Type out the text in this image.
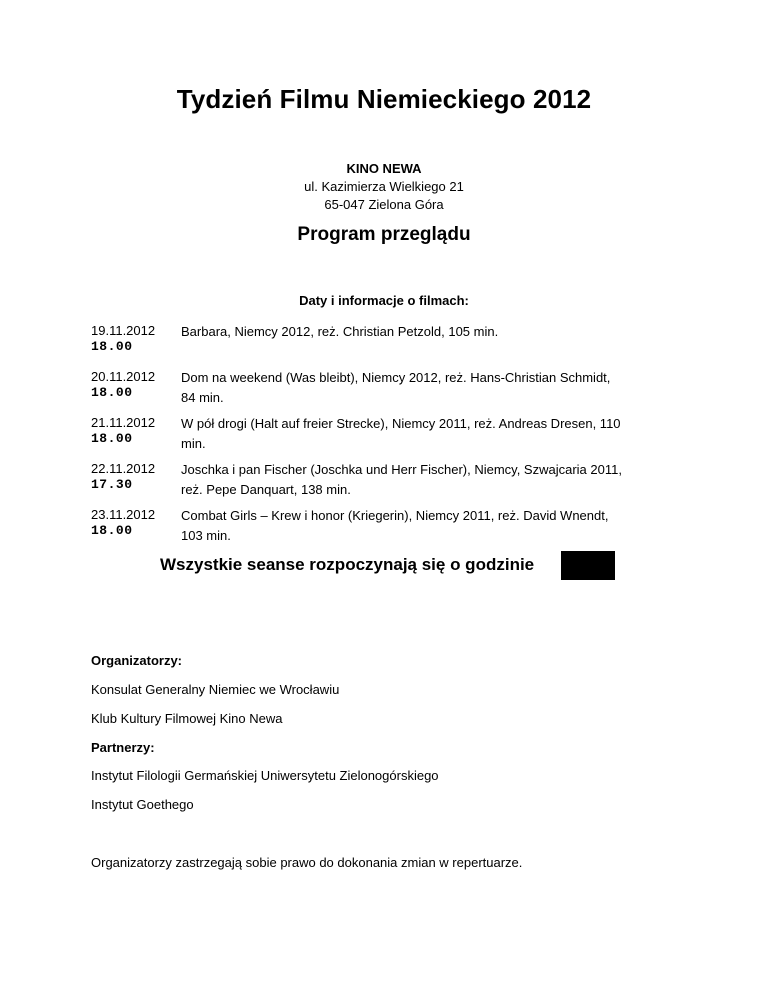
Tydzień Filmu Niemieckiego 2012
KINO NEWA
ul. Kazimierza Wielkiego 21
65-047 Zielona Góra
Program przeglądu
Daty i informacje o filmach:
19.11.2012
18.00
Barbara, Niemcy 2012, reż. Christian Petzold, 105 min.
20.11.2012
18.00
Dom na weekend (Was bleibt), Niemcy 2012, reż. Hans-Christian Schmidt,
84 min.
21.11.2012
18.00
W pół drogi (Halt auf freier Strecke), Niemcy 2011, reż. Andreas Dresen, 110
min.
22.11.2012
17.30
Joschka i pan Fischer (Joschka und Herr Fischer), Niemcy, Szwajcaria 2011,
reż. Pepe Danquart, 138 min.
23.11.2012
18.00
Combat Girls – Krew i honor (Kriegerin), Niemcy 2011, reż. David Wnendt,
103 min.
Wszystkie seanse rozpoczynają się o godzinie
Organizatorzy:
Konsulat Generalny Niemiec we Wrocławiu
Klub Kultury Filmowej Kino Newa
Partnerzy:
Instytut Filologii Germańskiej Uniwersytetu Zielonogórskiego
Instytut Goethego
Organizatorzy zastrzegają sobie prawo do dokonania zmian w repertuarze.
